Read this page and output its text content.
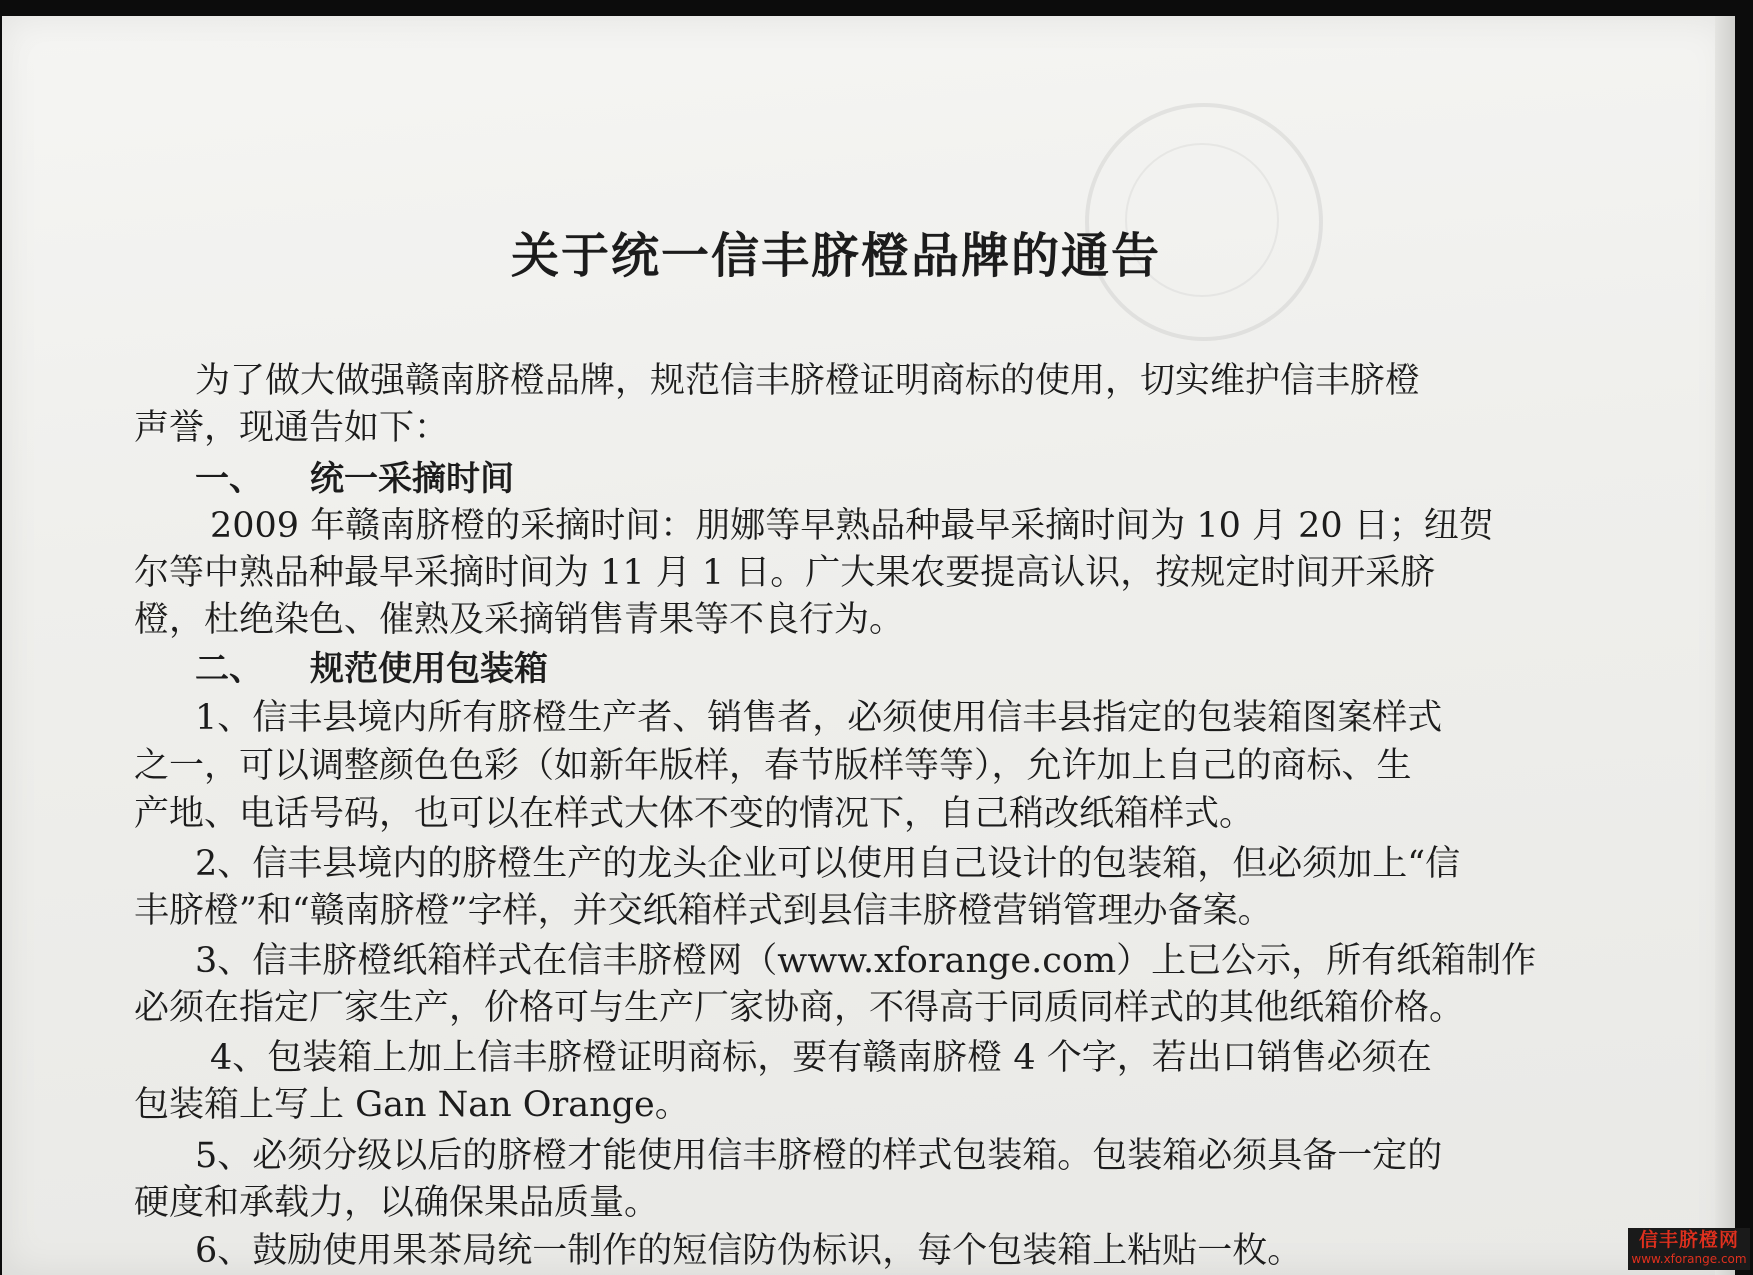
关于统一信丰脐橙品牌的通告

为了做大做强赣南脐橙品牌，规范信丰脐橙证明商标的使用，切实维护信丰脐橙

声誉，现通告如下：

一、 统一采摘时间

2009 年赣南脐橙的采摘时间：朋娜等早熟品种最早采摘时间为 10 月 20 日；纽贺

尔等中熟品种最早采摘时间为 11 月 1 日。广大果农要提高认识，按规定时间开采脐

橙，杜绝染色、催熟及采摘销售青果等不良行为。

二、 规范使用包装箱

1、信丰县境内所有脐橙生产者、销售者，必须使用信丰县指定的包装箱图案样式

之一，可以调整颜色色彩（如新年版样，春节版样等等），允许加上自己的商标、生

产地、电话号码，也可以在样式大体不变的情况下，自己稍改纸箱样式。

2、信丰县境内的脐橙生产的龙头企业可以使用自己设计的包装箱，但必须加上“信

丰脐橙”和“赣南脐橙”字样，并交纸箱样式到县信丰脐橙营销管理办备案。

3、信丰脐橙纸箱样式在信丰脐橙网（www.xforange.com）上已公示，所有纸箱制作

必须在指定厂家生产，价格可与生产厂家协商，不得高于同质同样式的其他纸箱价格。

4、包装箱上加上信丰脐橙证明商标，要有赣南脐橙 4 个字，若出口销售必须在

包装箱上写上 Gan Nan Orange。

5、必须分级以后的脐橙才能使用信丰脐橙的样式包装箱。包装箱必须具备一定的

硬度和承载力，以确保果品质量。

6、鼓励使用果茶局统一制作的短信防伪标识，每个包装箱上粘贴一枚。	信丰脐橙网
www.xforange.com
